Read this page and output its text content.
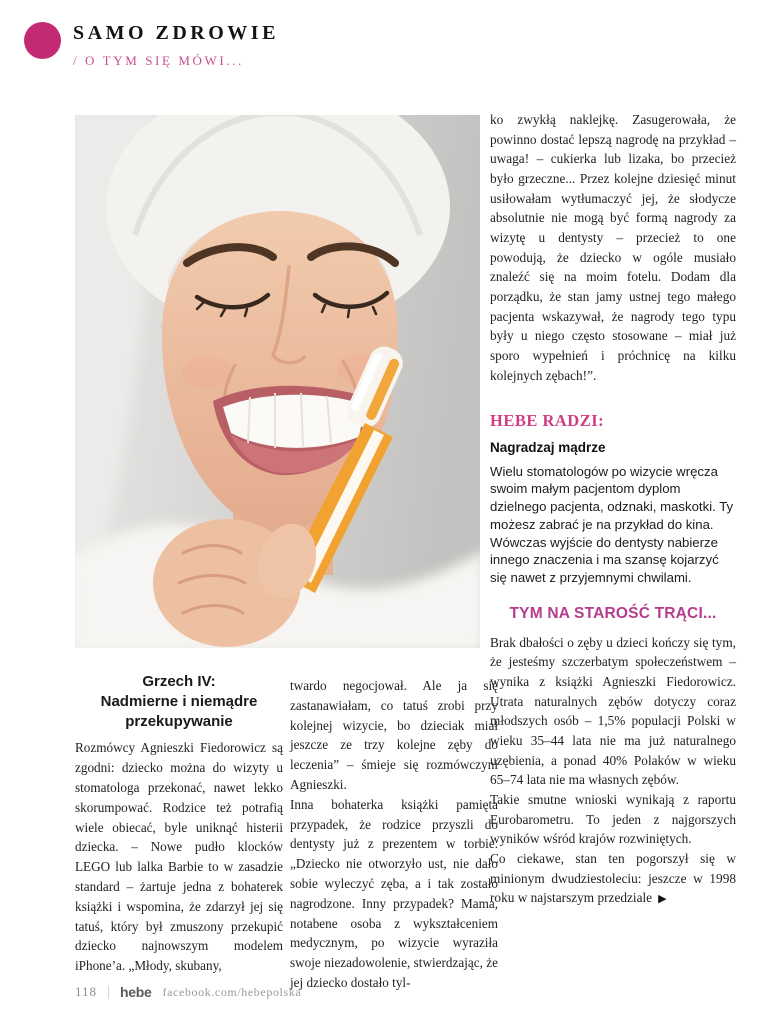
SAMO ZDROWIE
/ O TYM SIĘ MÓWI...
Grzech IV:
Nadmierne i niemądre
przekupywanie

Rozmówcy Agnieszki Fiedorowicz są zgodni: dziecko można do wizyty u stomatologa przekonać, nawet lekko skorumpować. Rodzice też potrafią wiele obiecać, byle uniknąć histerii dziecka. – Nowe pudło klocków LEGO lub lalka Barbie to w zasadzie standard – żartuje jedna z bohaterek książki i wspomina, że zdarzył jej się tatuś, który był zmuszony przekupić dziecko najnowszym modelem iPhone’a. „Młody, skubany,

twardo negocjował. Ale ja się zastanawiałam, co tatuś zrobi przy kolejnej wizycie, bo dzieciak miał jeszcze ze trzy kolejne zęby do leczenia” – śmieje się rozmówczyni Agnieszki.

Inna bohaterka książki pamięta przypadek, że rodzice przyszli do dentysty już z prezentem w torbie. „Dziecko nie otworzyło ust, nie dało sobie wyleczyć zęba, a i tak zostało nagrodzone. Inny przypadek? Mama, notabene osoba z wykształceniem medycznym, po wizycie wyraziła swoje niezadowolenie, stwierdzając, że jej dziecko dostało tyl-

ko zwykłą naklejkę. Zasugerowała, że powinno dostać lepszą nagrodę na przykład – uwaga! – cukierka lub lizaka, bo przecież było grzeczne... Przez kolejne dziesięć minut usiłowałam wytłumaczyć jej, że słodycze absolutnie nie mogą być formą nagrody za wizytę u dentysty – przecież to one powodują, że dziecko w ogóle musiało znaleźć się na moim fotelu. Dodam dla porządku, że stan jamy ustnej tego małego pacjenta wskazywał, że nagrody tego typu były u niego często stosowane – miał już sporo wypełnień i próchnicę na kilku kolejnych zębach!”.

HEBE RADZI:
Nagradzaj mądrze

Wielu stomatologów po wizycie wręcza swoim małym pacjentom dyplom dzielnego pacjenta, odznaki, maskotki. Ty możesz zabrać je na przykład do kina. Wówczas wyjście do dentysty nabierze innego znaczenia i ma szansę kojarzyć się nawet z przyjemnymi chwilami.

TYM NA STAROŚĆ TRĄCI...

Brak dbałości o zęby u dzieci kończy się tym, że jesteśmy szczerbatym społeczeństwem – wynika z książki Agnieszki Fiedorowicz. Utrata naturalnych zębów dotyczy coraz młodszych osób – 1,5% populacji Polski w wieku 35–44 lata nie ma już naturalnego uzębienia, a ponad 40% Polaków w wieku 65–74 lata nie ma własnych zębów.

Takie smutne wnioski wynikają z raportu Eurobarometru. To jeden z najgorszych wyników wśród krajów rozwiniętych.

Co ciekawe, stan ten pogorszył się w minionym dwudziestoleciu: jeszcze w 1998 roku w najstarszym przedziale ▶

118 hebe facebook.com/hebepolska
